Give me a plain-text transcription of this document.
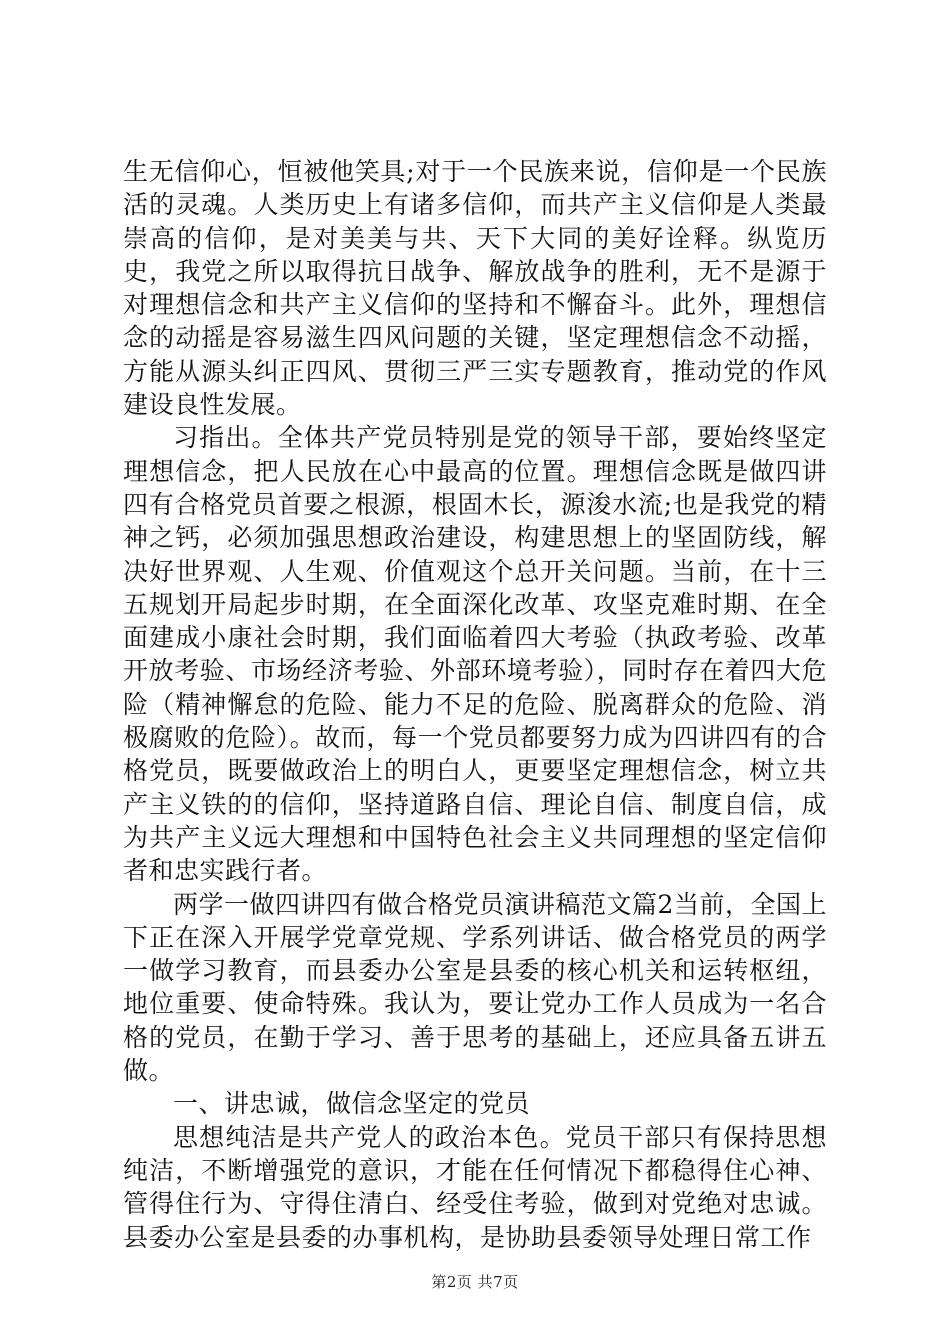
生无信仰心，恒被他笑具;对于一个民族来说，信仰是一个民族活的灵魂。人类历史上有诸多信仰，而共产主义信仰是人类最崇高的信仰，是对美美与共、天下大同的美好诠释。纵览历史，我党之所以取得抗日战争、解放战争的胜利，无不是源于对理想信念和共产主义信仰的坚持和不懈奋斗。此外，理想信念的动摇是容易滋生四风问题的关键，坚定理想信念不动摇，方能从源头纠正四风、贯彻三严三实专题教育，推动党的作风建设良性发展。

习指出。全体共产党员特别是党的领导干部，要始终坚定理想信念，把人民放在心中最高的位置。理想信念既是做四讲四有合格党员首要之根源，根固木长，源浚水流;也是我党的精神之钙，必须加强思想政治建设，构建思想上的坚固防线，解决好世界观、人生观、价值观这个总开关问题。当前，在十三五规划开局起步时期，在全面深化改革、攻坚克难时期、在全面建成小康社会时期，我们面临着四大考验（执政考验、改革开放考验、市场经济考验、外部环境考验），同时存在着四大危险（精神懈怠的危险、能力不足的危险、脱离群众的危险、消极腐败的危险）。故而，每一个党员都要努力成为四讲四有的合格党员，既要做政治上的明白人，更要坚定理想信念，树立共产主义铁的的信仰，坚持道路自信、理论自信、制度自信，成为共产主义远大理想和中国特色社会主义共同理想的坚定信仰者和忠实践行者。

两学一做四讲四有做合格党员演讲稿范文篇2当前，全国上下正在深入开展学党章党规、学系列讲话、做合格党员的两学一做学习教育，而县委办公室是县委的核心机关和运转枢纽，地位重要、使命特殊。我认为，要让党办工作人员成为一名合格的党员，在勤于学习、善于思考的基础上，还应具备五讲五做。

一、讲忠诚，做信念坚定的党员

思想纯洁是共产党人的政治本色。党员干部只有保持思想纯洁，不断增强党的意识，才能在任何情况下都稳得住心神、管得住行为、守得住清白、经受住考验，做到对党绝对忠诚。县委办公室是县委的办事机构，是协助县委领导处理日常工作

第2页 共7页
